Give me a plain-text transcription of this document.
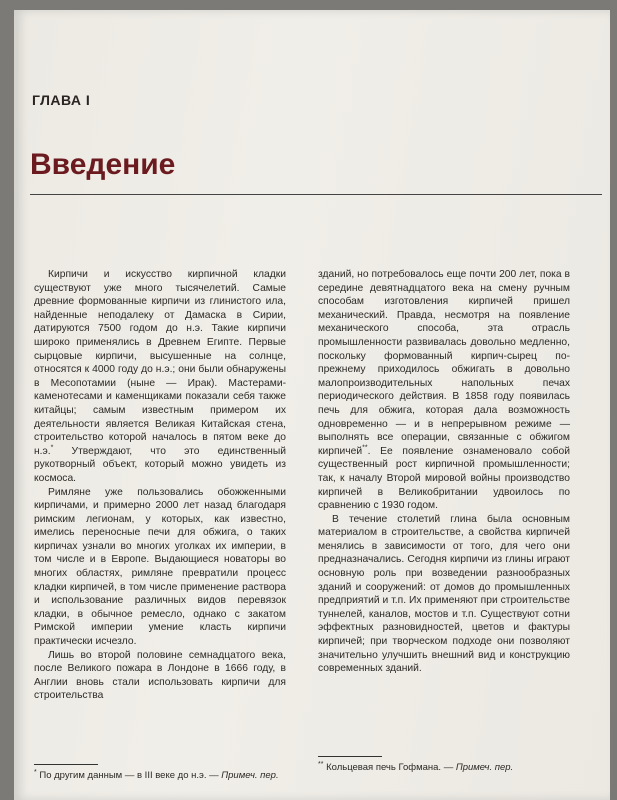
ГЛАВА I
Введение

Кирпичи и искусство кирпичной кладки существуют уже много тысячелетий. Самые древние формованные кирпичи из глинистого ила, найденные неподалеку от Дамаска в Сирии, датируются 7500 годом до н.э. Такие кирпичи широко применялись в Древнем Египте. Первые сырцовые кирпичи, высушенные на солнце, относятся к 4000 году до н.э.; они были обнаружены в Месопотамии (ныне — Ирак). Мастерами-каменотесами и каменщиками показали себя также китайцы; самым известным примером их деятельности является Великая Китайская стена, строительство которой началось в пятом веке до н.э.* Утверждают, что это единственный рукотворный объект, который можно увидеть из космоса.

Римляне уже пользовались обожженными кирпичами, и примерно 2000 лет назад благодаря римским легионам, у которых, как известно, имелись переносные печи для обжига, о таких кирпичах узнали во многих уголках их империи, в том числе и в Европе. Выдающиеся новаторы во многих областях, римляне превратили процесс кладки кирпичей, в том числе применение раствора и использование различных видов перевязок кладки, в обычное ремесло, однако с закатом Римской империи умение класть кирпичи практически исчезло.

Лишь во второй половине семнадцатого века, после Великого пожара в Лондоне в 1666 году, в Англии вновь стали использовать кирпичи для строительства

зданий, но потребовалось еще почти 200 лет, пока в середине девятнадцатого века на смену ручным способам изготовления кирпичей пришел механический. Правда, несмотря на появление механического способа, эта отрасль промышленности развивалась довольно медленно, поскольку формованный кирпич-сырец по-прежнему приходилось обжигать в довольно малопроизводительных напольных печах периодического действия. В 1858 году появилась печь для обжига, которая дала возможность одновременно — и в непрерывном режиме — выполнять все операции, связанные с обжигом кирпичей**. Ее появление ознаменовало собой существенный рост кирпичной промышленности; так, к началу Второй мировой войны производство кирпичей в Великобритании удвоилось по сравнению с 1930 годом.

В течение столетий глина была основным материалом в строительстве, а свойства кирпичей менялись в зависимости от того, для чего они предназначались. Сегодня кирпичи из глины играют основную роль при возведении разнообразных зданий и сооружений: от домов до промышленных предприятий и т.п. Их применяют при строительстве туннелей, каналов, мостов и т.п. Существуют сотни эффектных разновидностей, цветов и фактуры кирпичей; при творческом подходе они позволяют значительно улучшить внешний вид и конструкцию современных зданий.

* По другим данным — в III веке до н.э. — Примеч. пер.
** Кольцевая печь Гофмана. — Примеч. пер.
